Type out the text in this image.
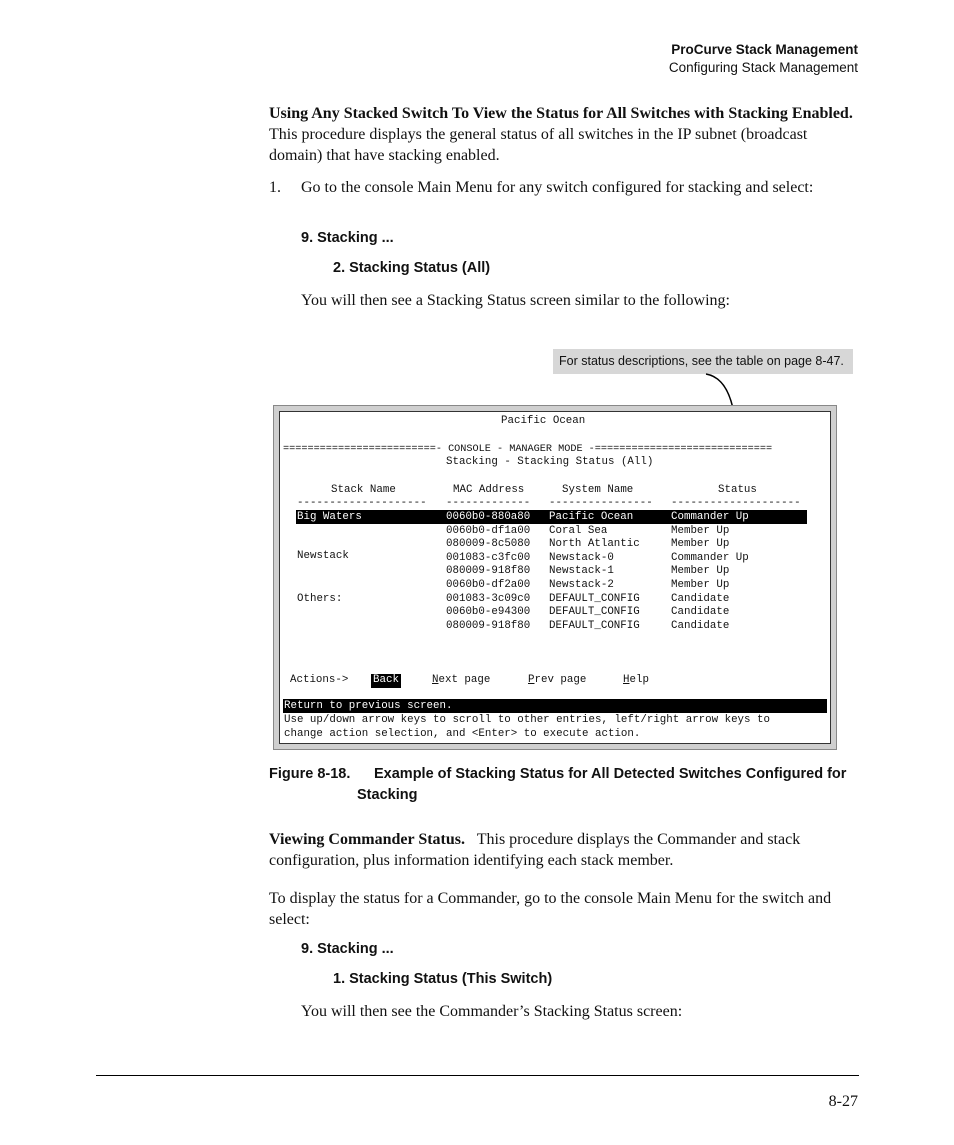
ProCurve Stack Management
Configuring Stack Management
Using Any Stacked Switch To View the Status for All Switches with Stacking Enabled. This procedure displays the general status of all switches in the IP subnet (broadcast domain) that have stacking enabled.
1. Go to the console Main Menu for any switch configured for stacking and select:
9. Stacking ...
2. Stacking Status (All)
You will then see a Stacking Status screen similar to the following:
For status descriptions, see the table on page 8-47.
Pacific Ocean
=========================- CONSOLE - MANAGER MODE -=============================
Stacking - Stacking Status (All)
Stack Name	MAC Address	System Name	Status
-------------------- ------------- ---------------- --------------------
Big Waters	0060b0-880a80 Pacific Ocean	Commander Up
0060b0-df1a00 Coral Sea	Member Up
080009-8c5080 North Atlantic	Member Up
Newstack	001083-c3fc00 Newstack-0	Commander Up
080009-918f80 Newstack-1	Member Up
0060b0-df2a00 Newstack-2	Member Up
Others:	001083-3c09c0 DEFAULT_CONFIG	Candidate
0060b0-e94300 DEFAULT_CONFIG	Candidate
080009-918f80 DEFAULT_CONFIG	Candidate
Actions-> Back	Next page	Prev page	Help
Return to previous screen.
Use up/down arrow keys to scroll to other entries, left/right arrow keys to
change action selection, and <Enter> to execute action.
Figure 8-18. Example of Stacking Status for All Detected Switches Configured for
Stacking
Viewing Commander Status. This procedure displays the Commander and stack configuration, plus information identifying each stack member.
To display the status for a Commander, go to the console Main Menu for the switch and select:
9. Stacking ...
1. Stacking Status (This Switch)
You will then see the Commander’s Stacking Status screen:
8-27
